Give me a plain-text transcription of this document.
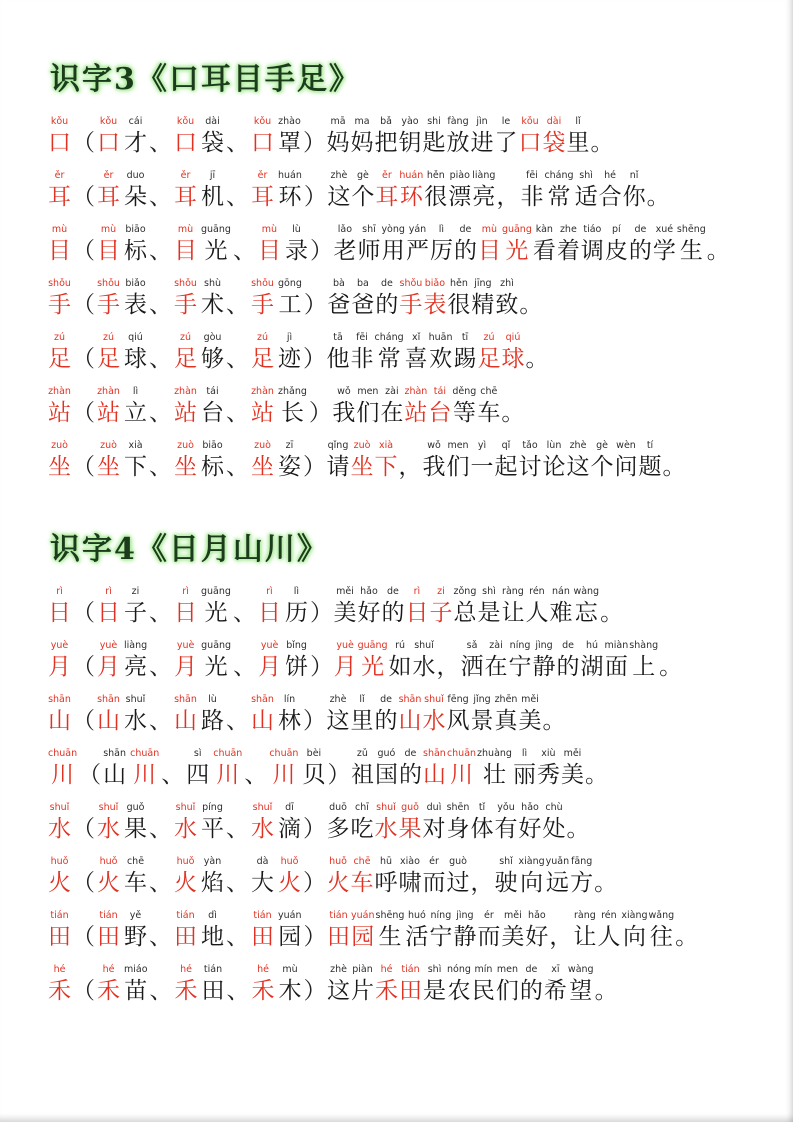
识字3《口耳目手足》
kǒu
口
（
kǒu
口
cái
才
、
kǒu
口
dài
袋
、
kǒu
口
zhào
罩
）
mā
妈
ma
妈
bǎ
把
yào
钥
shi
匙
fàng
放
jìn
进
le
了
kǒu
口
dài
袋
lǐ
里
。
ěr
耳
（
ěr
耳
duo
朵
、
ěr
耳
jī
机
、
ěr
耳
huán
环
）
zhè
这
gè
个
ěr
耳
huán
环
hěn
很
piào
漂
liàng
亮
，
fēi
非
cháng
常
shì
适
hé
合
nǐ
你
。
mù
目
（
mù
目
biāo
标
、
mù
目
guāng
光
、
mù
目
lù
录
）
lǎo
老
shī
师
yòng
用
yán
严
lì
厉
de
的
mù
目
guāng
光
kàn
看
zhe
着
tiáo
调
pí
皮
de
的
xué
学
shēng
生
。
shǒu
手
（
shǒu
手
biǎo
表
、
shǒu
手
shù
术
、
shǒu
手
gōng
工
）
bà
爸
ba
爸
de
的
shǒu
手
biǎo
表
hěn
很
jīng
精
zhì
致
。
zú
足
（
zú
足
qiú
球
、
zú
足
gòu
够
、
zú
足
jì
迹
）
tā
他
fēi
非
cháng
常
xǐ
喜
huān
欢
tī
踢
zú
足
qiú
球
。
zhàn
站
（
zhàn
站
lì
立
、
zhàn
站
tái
台
、
zhàn
站
zhǎng
长
）
wǒ
我
men
们
zài
在
zhàn
站
tái
台
děng
等
chē
车
。
zuò
坐
（
zuò
坐
xià
下
、
zuò
坐
biāo
标
、
zuò
坐
zī
姿
）
qǐng
请
zuò
坐
xià
下
，
wǒ
我
men
们
yì
一
qǐ
起
tǎo
讨
lùn
论
zhè
这
gè
个
wèn
问
tí
题
。
识字4《日月山川》
rì
日
（
rì
日
zi
子
、
rì
日
guāng
光
、
rì
日
lì
历
）
měi
美
hǎo
好
de
的
rì
日
zi
子
zǒng
总
shì
是
ràng
让
rén
人
nán
难
wàng
忘
。
yuè
月
（
yuè
月
liàng
亮
、
yuè
月
guāng
光
、
yuè
月
bǐng
饼
）
yuè
月
guāng
光
rú
如
shuǐ
水
，
sǎ
洒
zài
在
níng
宁
jìng
静
de
的
hú
湖
miàn
面
shàng
上
。
shān
山
（
shān
山
shuǐ
水
、
shān
山
lù
路
、
shān
山
lín
林
）
zhè
这
lǐ
里
de
的
shān
山
shuǐ
水
fēng
风
jǐng
景
zhēn
真
měi
美
。
chuān
川
（
shān
山
chuān
川
、
sì
四
chuān
川
、
chuān
川
bèi
贝
）
zǔ
祖
guó
国
de
的
shān
山
chuān
川
zhuàng
壮
lì
丽
xiù
秀
měi
美
。
shuǐ
水
（
shuǐ
水
guǒ
果
、
shuǐ
水
píng
平
、
shuǐ
水
dī
滴
）
duō
多
chī
吃
shuǐ
水
guǒ
果
duì
对
shēn
身
tǐ
体
yǒu
有
hǎo
好
chù
处
。
huǒ
火
（
huǒ
火
chē
车
、
huǒ
火
yàn
焰
、
dà
大
huǒ
火
）
huǒ
火
chē
车
hū
呼
xiào
啸
ér
而
guò
过
，
shǐ
驶
xiàng
向
yuǎn
远
fāng
方
。
tián
田
（
tián
田
yě
野
、
tián
田
dì
地
、
tián
田
yuán
园
）
tián
田
yuán
园
shēng
生
huó
活
níng
宁
jìng
静
ér
而
měi
美
hǎo
好
，
ràng
让
rén
人
xiàng
向
wǎng
往
。
hé
禾
（
hé
禾
miáo
苗
、
hé
禾
tián
田
、
hé
禾
mù
木
）
zhè
这
piàn
片
hé
禾
tián
田
shì
是
nóng
农
mín
民
men
们
de
的
xī
希
wàng
望
。
